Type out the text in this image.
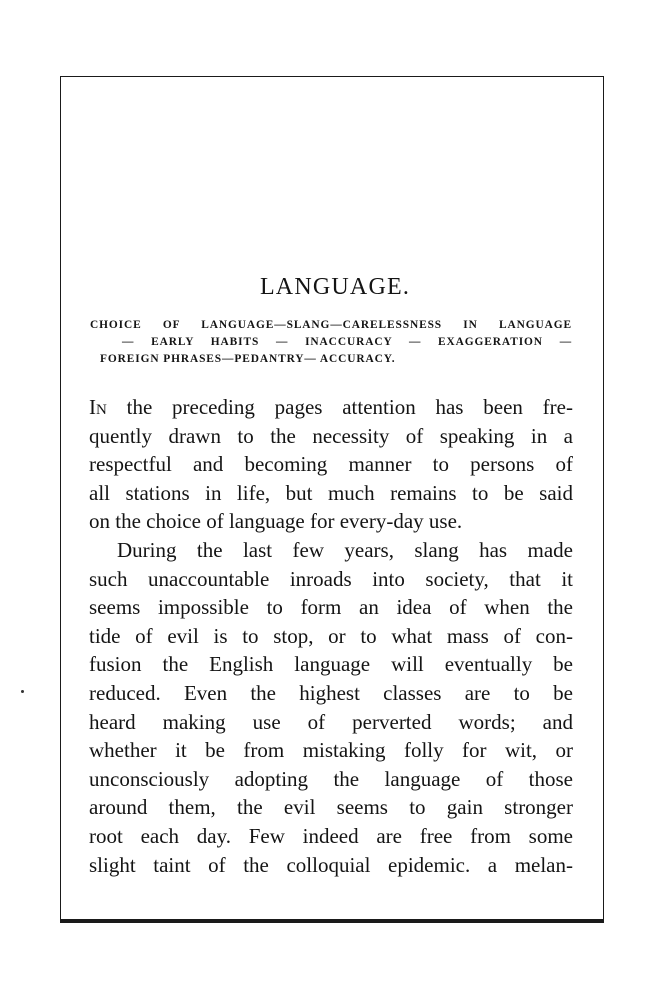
LANGUAGE.
CHOICE OF LANGUAGE—SLANG—CARELESSNESS IN LANGUAGE
— EARLY HABITS — INACCURACY — EXAGGERATION —
FOREIGN PHRASES—PEDANTRY— ACCURACY.
In the preceding pages attention has been fre-
quently drawn to the necessity of speaking in a
respectful and becoming manner to persons of
all stations in life, but much remains to be said
on the choice of language for every-day use.
During the last few years, slang has made
such unaccountable inroads into society, that it
seems impossible to form an idea of when the
tide of evil is to stop, or to what mass of con-
fusion the English language will eventually be
reduced. Even the highest classes are to be
heard making use of perverted words; and
whether it be from mistaking folly for wit, or
unconsciously adopting the language of those
around them, the evil seems to gain stronger
root each day. Few indeed are free from some
slight taint of the colloquial epidemic. a melan-
